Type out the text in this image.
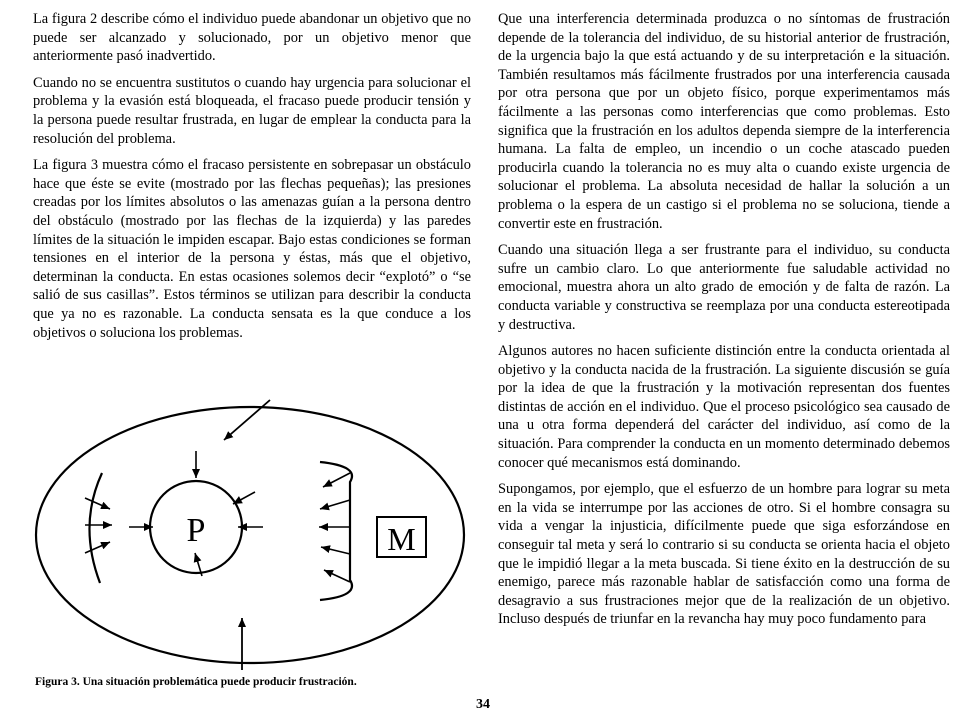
La figura 2 describe cómo el individuo puede abandonar un objetivo que no puede ser alcanzado y solucionado, por un objetivo menor que anteriormente pasó inadvertido.

Cuando no se encuentra sustitutos o cuando hay urgencia para solucionar el problema y la evasión está bloqueada, el fracaso puede producir tensión y la persona puede resultar frustrada, en lugar de emplear la conducta para la resolución del problema.

La figura 3 muestra cómo el fracaso persistente en sobrepasar un obstáculo hace que éste se evite (mostrado por las flechas pequeñas); las presiones creadas por los límites absolutos o las amenazas guían a la persona dentro del obstáculo (mostrado por las flechas de la izquierda) y las paredes límites de la situación le impiden escapar. Bajo estas condiciones se forman tensiones en el interior de la persona y éstas, más que el objetivo, determinan la conducta. En estas ocasiones solemos decir “explotó” o “se salió de sus casillas”. Estos términos se utilizan para describir la conducta que ya no es razonable. La conducta sensata es la que conduce a los objetivos o soluciona los problemas.

Que una interferencia determinada produzca o no síntomas de frustración depende de la tolerancia del individuo, de su historial anterior de frustración, de la urgencia bajo la que está actuando y de su interpretación e la situación. También resultamos más fácilmente frustrados por una interferencia causada por otra persona que por un objeto físico, porque experimentamos más fácilmente a las personas como interferencias que como problemas. Esto significa que la frustración en los adultos dependa siempre de la interferencia humana. La falta de empleo, un incendio o un coche atascado pueden producirla cuando la tolerancia no es muy alta o cuando existe urgencia de solucionar el problema. La absoluta necesidad de hallar la solución a un problema o la espera de un castigo si el problema no se soluciona, tiende a convertir este en frustración.

Cuando una situación llega a ser frustrante para el individuo, su conducta sufre un cambio claro. Lo que anteriormente fue saludable actividad no emocional, muestra ahora un alto grado de emoción y de falta de razón. La conducta variable y constructiva se reemplaza por una conducta estereotipada y destructiva.

Algunos autores no hacen suficiente distinción entre la conducta orientada al objetivo y la conducta nacida de la frustración. La siguiente discusión se guía por la idea de que la frustración y la motivación representan dos fuentes distintas de acción en el individuo. Que el proceso psicológico sea causado de una u otra forma dependerá del carácter del individuo, así como de la situación. Para comprender la conducta en un momento determinado debemos conocer qué mecanismos está dominando.

Supongamos, por ejemplo, que el esfuerzo de un hombre para lograr su meta en la vida se interrumpe por las acciones de otro. Si el hombre consagra su vida a vengar la injusticia, difícilmente puede que siga esforzándose en conseguir tal meta y será lo contrario si su conducta se orienta hacia el objeto que le impidió llegar a la meta buscada. Si tiene éxito en la destrucción de su enemigo, parece más razonable hablar de satisfacción como una forma de desagravio a sus frustraciones mejor que de la realización de un objetivo. Incluso después de triunfar en la revancha hay muy poco fundamento para

P	M
Figura 3. Una situación problemática puede producir frustración.
34
